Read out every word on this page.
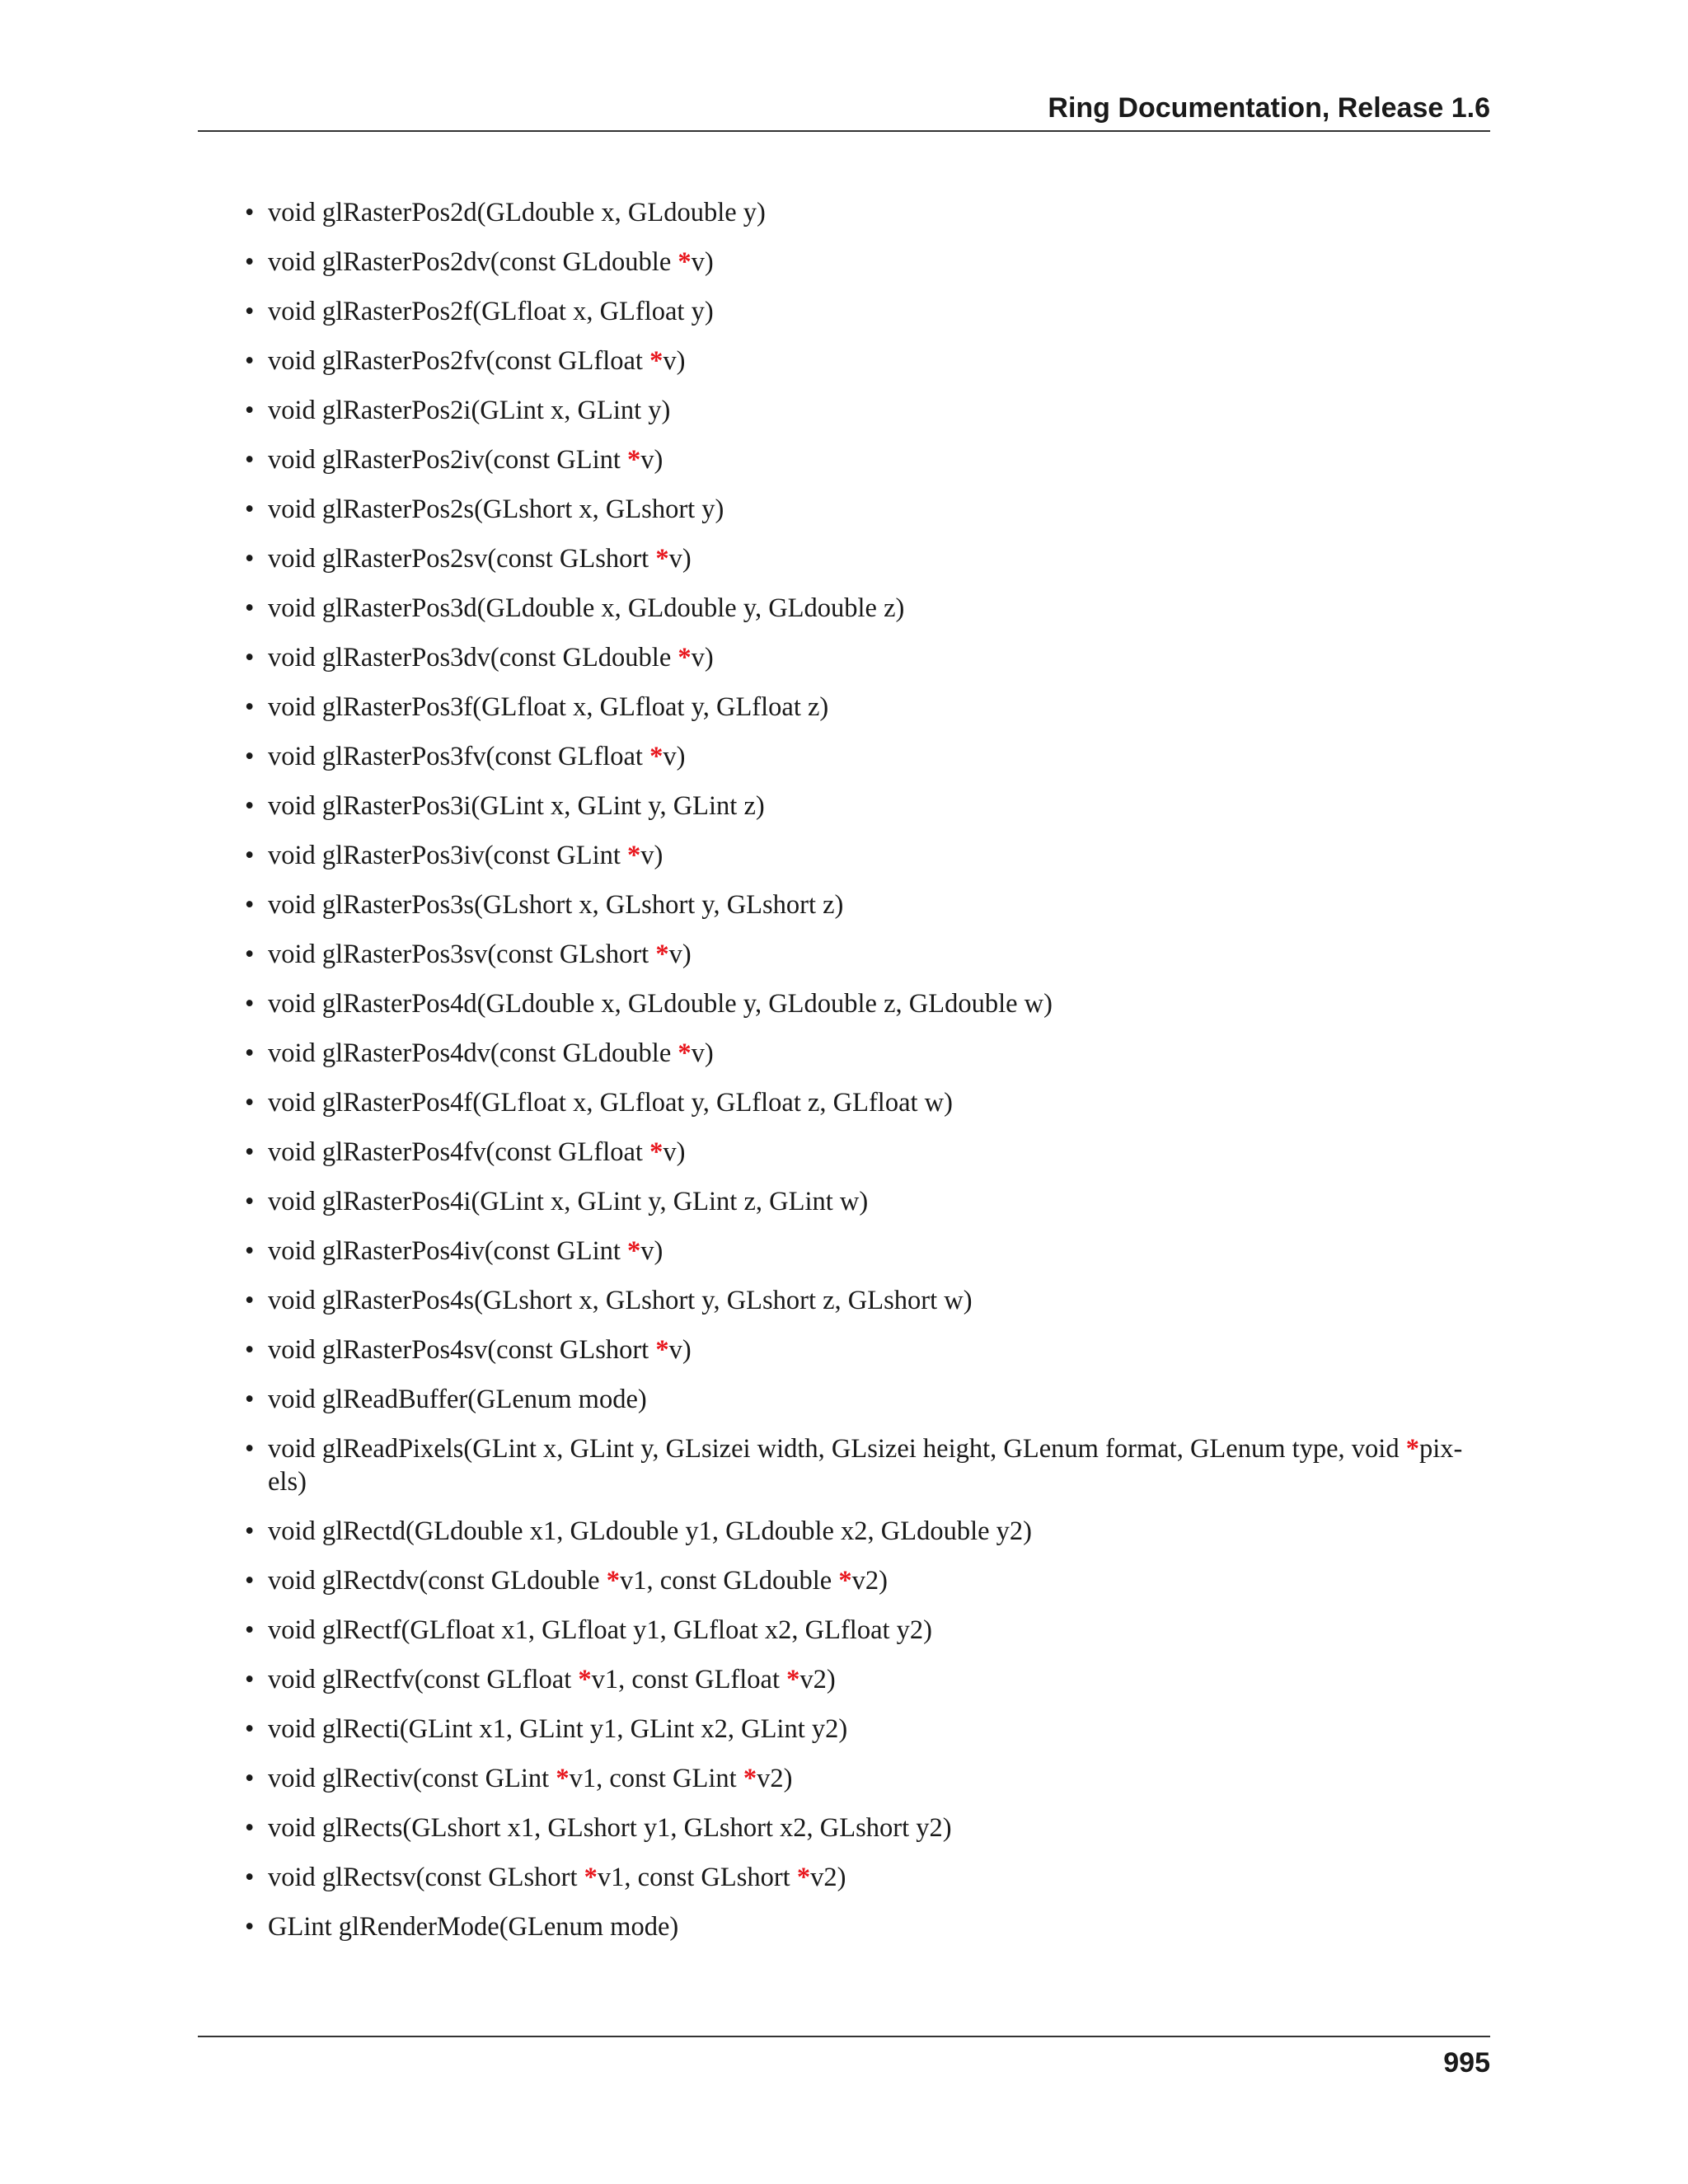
Ring Documentation, Release 1.6
• void glRasterPos2d(GLdouble x, GLdouble y)
• void glRasterPos2dv(const GLdouble *v)
• void glRasterPos2f(GLfloat x, GLfloat y)
• void glRasterPos2fv(const GLfloat *v)
• void glRasterPos2i(GLint x, GLint y)
• void glRasterPos2iv(const GLint *v)
• void glRasterPos2s(GLshort x, GLshort y)
• void glRasterPos2sv(const GLshort *v)
• void glRasterPos3d(GLdouble x, GLdouble y, GLdouble z)
• void glRasterPos3dv(const GLdouble *v)
• void glRasterPos3f(GLfloat x, GLfloat y, GLfloat z)
• void glRasterPos3fv(const GLfloat *v)
• void glRasterPos3i(GLint x, GLint y, GLint z)
• void glRasterPos3iv(const GLint *v)
• void glRasterPos3s(GLshort x, GLshort y, GLshort z)
• void glRasterPos3sv(const GLshort *v)
• void glRasterPos4d(GLdouble x, GLdouble y, GLdouble z, GLdouble w)
• void glRasterPos4dv(const GLdouble *v)
• void glRasterPos4f(GLfloat x, GLfloat y, GLfloat z, GLfloat w)
• void glRasterPos4fv(const GLfloat *v)
• void glRasterPos4i(GLint x, GLint y, GLint z, GLint w)
• void glRasterPos4iv(const GLint *v)
• void glRasterPos4s(GLshort x, GLshort y, GLshort z, GLshort w)
• void glRasterPos4sv(const GLshort *v)
• void glReadBuffer(GLenum mode)
• void glReadPixels(GLint x, GLint y, GLsizei width, GLsizei height, GLenum format, GLenum type, void *pix-els)
• void glRectd(GLdouble x1, GLdouble y1, GLdouble x2, GLdouble y2)
• void glRectdv(const GLdouble *v1, const GLdouble *v2)
• void glRectf(GLfloat x1, GLfloat y1, GLfloat x2, GLfloat y2)
• void glRectfv(const GLfloat *v1, const GLfloat *v2)
• void glRecti(GLint x1, GLint y1, GLint x2, GLint y2)
• void glRectiv(const GLint *v1, const GLint *v2)
• void glRects(GLshort x1, GLshort y1, GLshort x2, GLshort y2)
• void glRectsv(const GLshort *v1, const GLshort *v2)
• GLint glRenderMode(GLenum mode)
995
